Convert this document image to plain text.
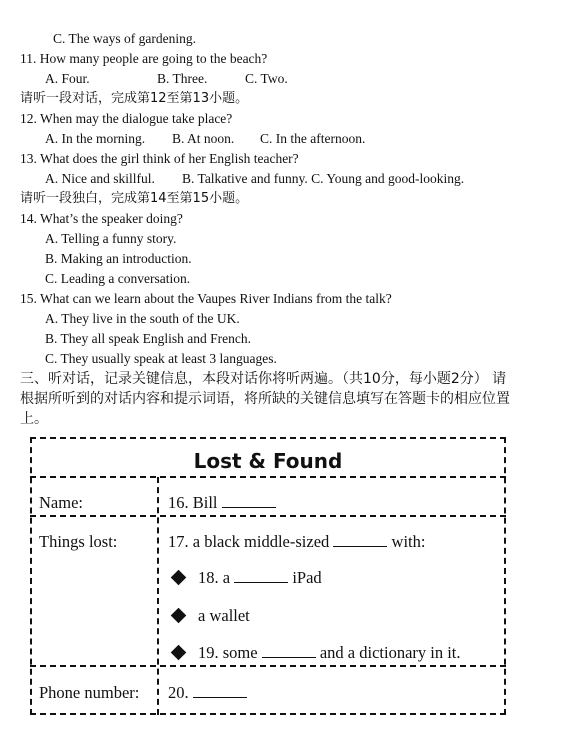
C. The ways of gardening.
11. How many people are going to the beach?
A. Four.	B. Three.	C. Two.
请听一段对话，完成第12至第13小题。
12. When may the dialogue take place?
A. In the morning. B. At noon. C. In the afternoon.
13. What does the girl think of her English teacher?
A. Nice and skillful. B. Talkative and funny. C. Young and good-looking.
请听一段独白，完成第14至第15小题。
14. What’s the speaker doing?
A. Telling a funny story.
B. Making an introduction.
C. Leading a conversation.
15. What can we learn about the Vaupes River Indians from the talk?
A. They live in the south of the UK.
B. They all speak English and French.
C. They usually speak at least 3 languages.
三、听对话，记录关键信息，本段对话你将听两遍。（共10分，每小题2分） 请
根据所听到的对话内容和提示词语，将所缺的关键信息填写在答题卡的相应位置
上。
Lost & Found
Name:	16. Bill
Things lost:	17. a black middle-sized	with:
18. a	iPad
a wallet
19. some	and a dictionary in it.
Phone number: 20.
